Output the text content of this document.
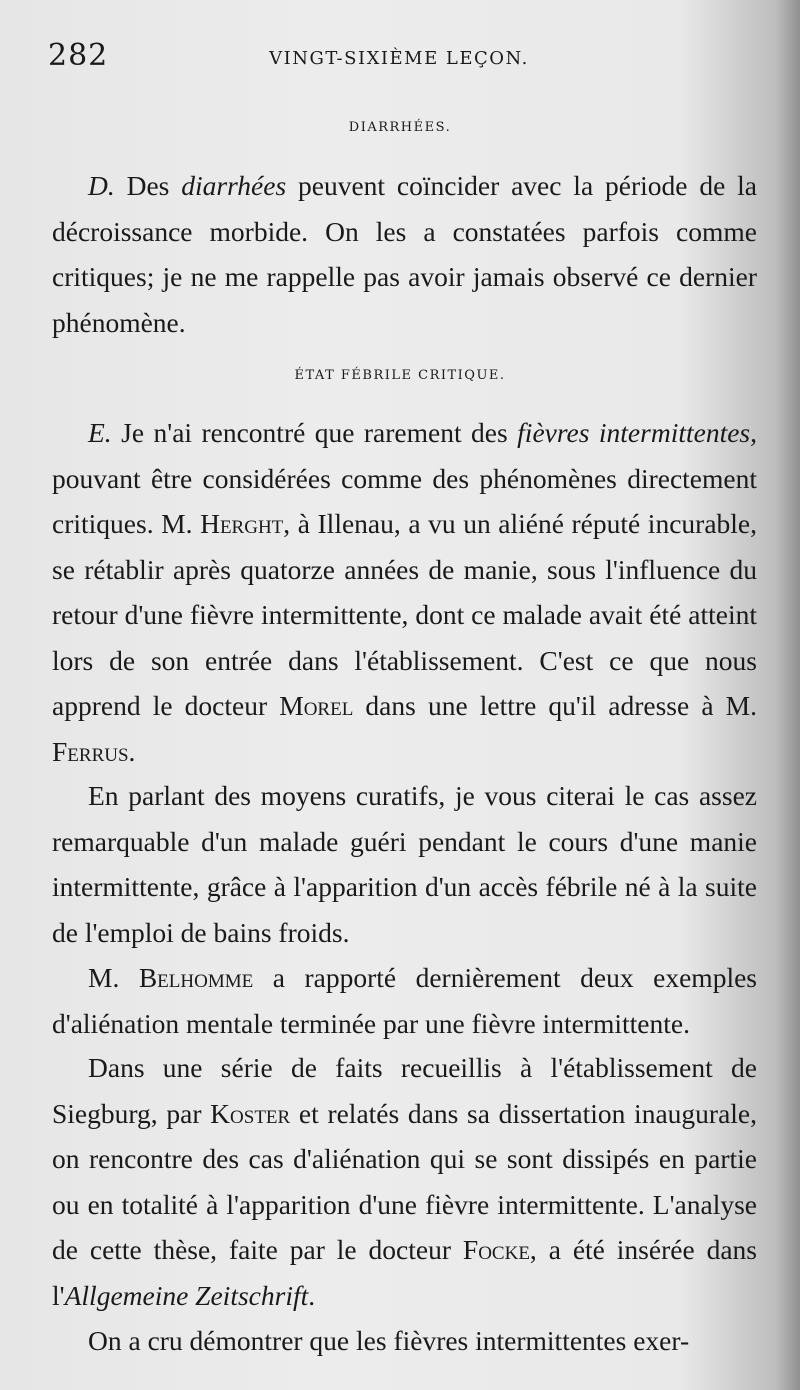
282	VINGT-SIXIÈME LEÇON.
DIARRHÉES.

D. Des diarrhées peuvent coïncider avec la période de la décroissance morbide. On les a constatées parfois comme critiques; je ne me rappelle pas avoir jamais observé ce dernier phénomène.

ÉTAT FÉBRILE CRITIQUE.

E. Je n'ai rencontré que rarement des fièvres intermittentes, pouvant être considérées comme des phénomènes directement critiques. M. Herght, à Illenau, a vu un aliéné réputé incurable, se rétablir après quatorze années de manie, sous l'influence du retour d'une fièvre intermittente, dont ce malade avait été atteint lors de son entrée dans l'établissement. C'est ce que nous apprend le docteur Morel dans une lettre qu'il adresse à M. Ferrus.

En parlant des moyens curatifs, je vous citerai le cas assez remarquable d'un malade guéri pendant le cours d'une manie intermittente, grâce à l'apparition d'un accès fébrile né à la suite de l'emploi de bains froids.

M. Belhomme a rapporté dernièrement deux exemples d'aliénation mentale terminée par une fièvre intermittente.

Dans une série de faits recueillis à l'établissement de Siegburg, par Koster et relatés dans sa dissertation inaugurale, on rencontre des cas d'aliénation qui se sont dissipés en partie ou en totalité à l'apparition d'une fièvre intermittente. L'analyse de cette thèse, faite par le docteur Focke, a été insérée dans l'Allgemeine Zeitschrift.

On a cru démontrer que les fièvres intermittentes exer-
